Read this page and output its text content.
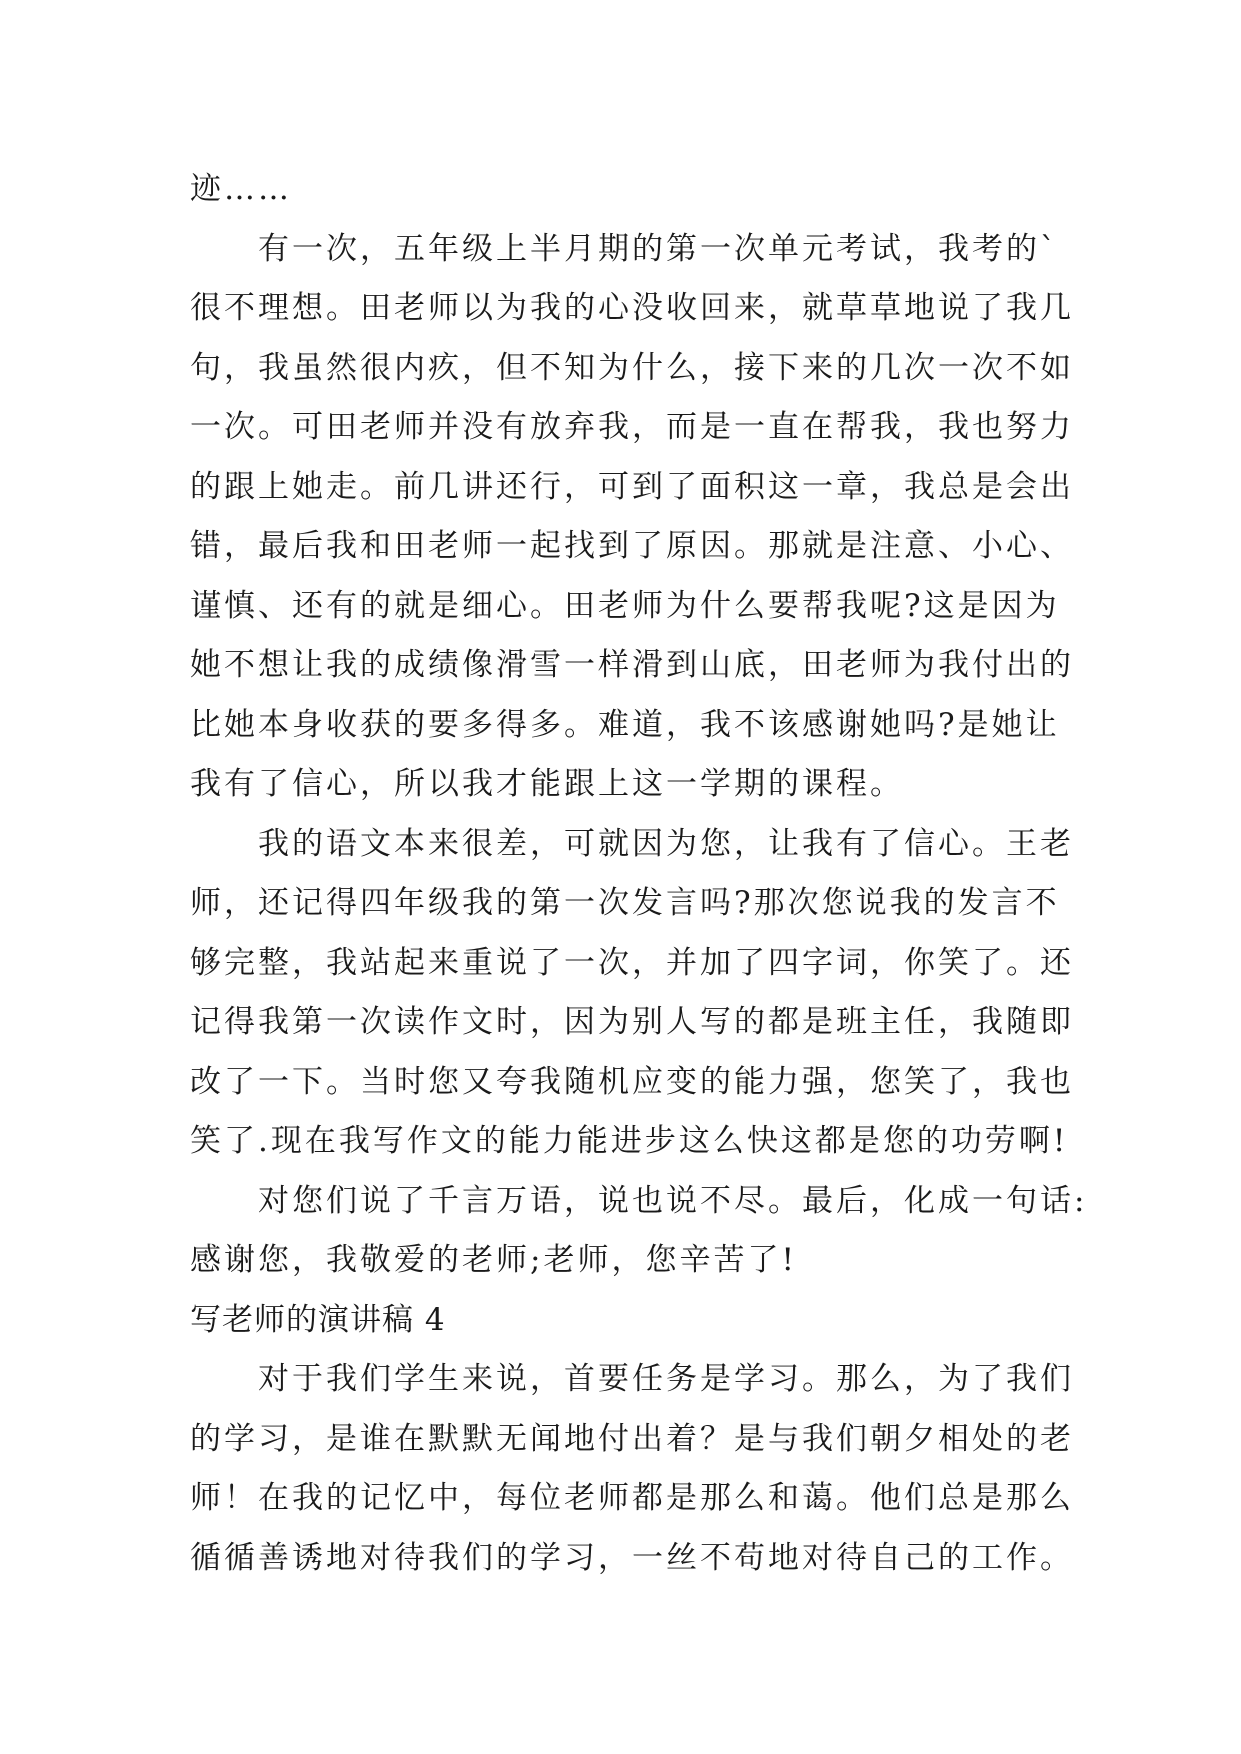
迹……
　　有一次，五年级上半月期的第一次单元考试，我考的`
很不理想。田老师以为我的心没收回来，就草草地说了我几
句，我虽然很内疚，但不知为什么，接下来的几次一次不如
一次。可田老师并没有放弃我，而是一直在帮我，我也努力
的跟上她走。前几讲还行，可到了面积这一章，我总是会出
错，最后我和田老师一起找到了原因。那就是注意、小心、
谨慎、还有的就是细心。田老师为什么要帮我呢?这是因为
她不想让我的成绩像滑雪一样滑到山底，田老师为我付出的
比她本身收获的要多得多。难道，我不该感谢她吗?是她让
我有了信心，所以我才能跟上这一学期的课程。
　　我的语文本来很差，可就因为您，让我有了信心。王老
师，还记得四年级我的第一次发言吗?那次您说我的发言不
够完整，我站起来重说了一次，并加了四字词，你笑了。还
记得我第一次读作文时，因为别人写的都是班主任，我随即
改了一下。当时您又夸我随机应变的能力强，您笑了，我也
笑了.现在我写作文的能力能进步这么快这都是您的功劳啊!
　　对您们说了千言万语，说也说不尽。最后，化成一句话:
感谢您，我敬爱的老师;老师，您辛苦了!
写老师的演讲稿 4
　　对于我们学生来说，首要任务是学习。那么，为了我们
的学习，是谁在默默无闻地付出着？是与我们朝夕相处的老
师！在我的记忆中，每位老师都是那么和蔼。他们总是那么
循循善诱地对待我们的学习，一丝不苟地对待自己的工作。
